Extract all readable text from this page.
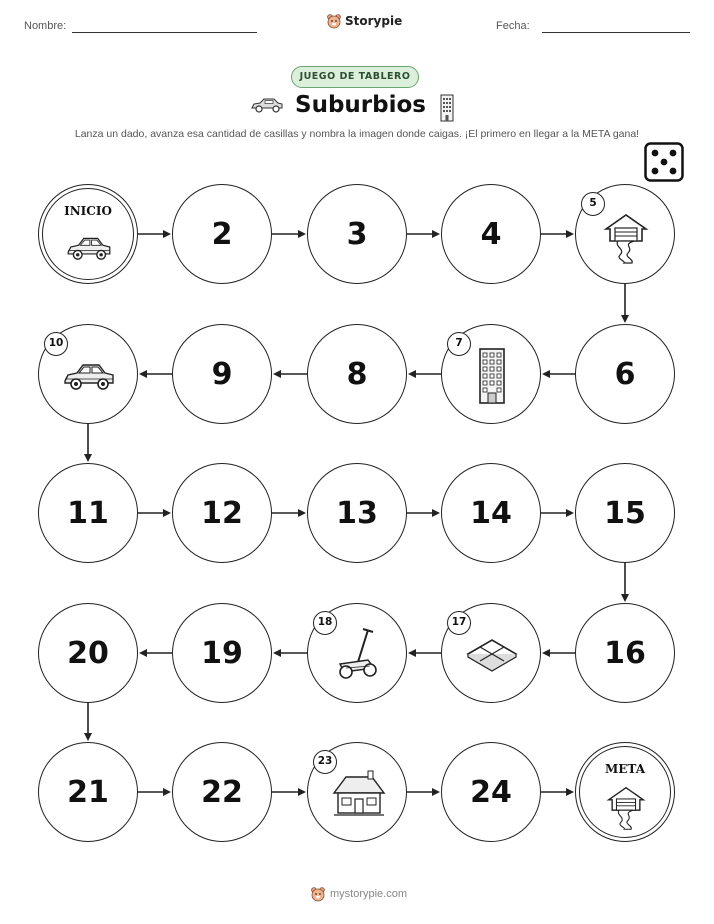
Nombre:	Storypie	Fecha:
JUEGO DE TABLERO
Suburbios
Lanza un dado, avanza esa cantidad de casillas y nombra la imagen donde caigas. ¡El primero en llegar a la META gana!
INICIO
2	3	4
5
6
7
8
9
10
11	12	13	14	15
16
17
18
19
20
21	22
23
24
META
mystorypie.com
